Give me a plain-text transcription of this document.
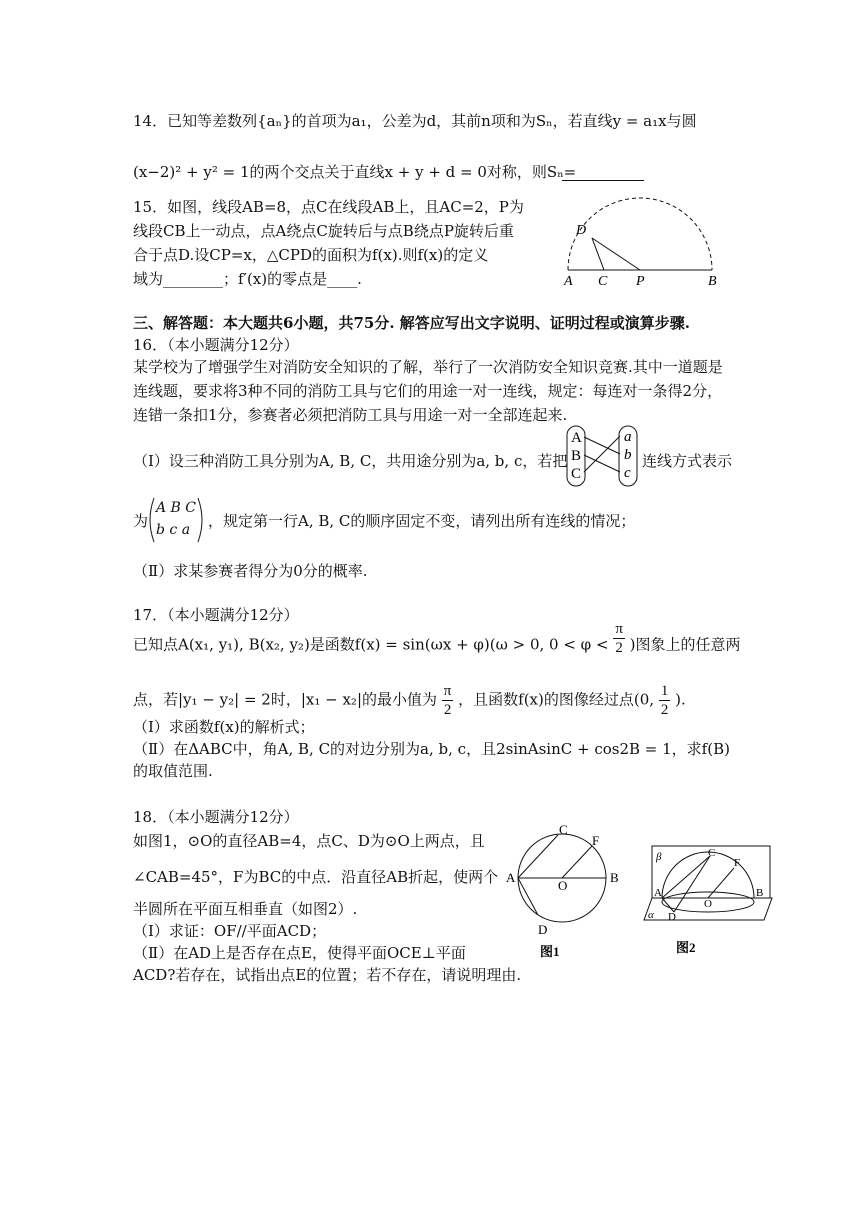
14．已知等差数列{aₙ}的首项为a₁，公差为d，其前n项和为Sₙ，若直线y = a₁x与圆
(x−2)² + y² = 1的两个交点关于直线x + y + d = 0对称，则Sₙ=
15．如图，线段AB=8，点C在线段AB上，且AC=2，P为
线段CB上一动点，点A绕点C旋转后与点B绕点P旋转后重
合于点D.设CP=x，△CPD的面积为f(x).则f(x)的定义
域为________；f′(x)的零点是____.
D
A C P	B
三、解答题：本大题共6小题，共75分. 解答应写出文字说明、证明过程或演算步骤.
16．（本小题满分12分）
某学校为了增强学生对消防安全知识的了解，举行了一次消防安全知识竞赛.其中一道题是
连线题，要求将3种不同的消防工具与它们的用途一对一连线，规定：每连对一条得2分，
连错一条扣1分，参赛者必须把消防工具与用途一对一全部连起来.
（Ⅰ）设三种消防工具分别为A, B, C，共用途分别为a, b, c，若把
A
B
C
a
b
c
连线方式表示
为
A B C
b c a ，规定第一行A, B, C的顺序固定不变，请列出所有连线的情况；
（Ⅱ）求某参赛者得分为0分的概率.
17．（本小题满分12分）
已知点A(x₁, y₁), B(x₂, y₂)是函数f(x) = sin(ωx + φ)(ω > 0, $0 < \varphi < \frac{\pi}{2}$ )图象上的任意两
点，若|y₁ − y₂| = 2时，|x₁ − x₂|的最小值为 $\frac{\pi}{2}$ ，且函数f(x)的图像经过点(0, $\frac{1}{2}$ ).
（Ⅰ）求函数f(x)的解析式；
（Ⅱ）在ΔABC中，角A, B, C的对边分别为a, b, c，且2sinAsinC + cos2B = 1，求f(B)
的取值范围.
18．（本小题满分12分）
如图1，⊙O的直径AB=4，点C、D为⊙O上两点，且
∠CAB=45°，F为BC的中点．沿直径AB折起，使两个
半圆所在平面互相垂直（如图2）.
（Ⅰ）求证：OF//平面ACD；
（Ⅱ）在AD上是否存在点E，使得平面OCE⊥平面
ACD?若存在，试指出点E的位置；若不存在，请说明理由.
C
F
A
O
B
D
图1
β	C
F
A
O
B
α D
图2
